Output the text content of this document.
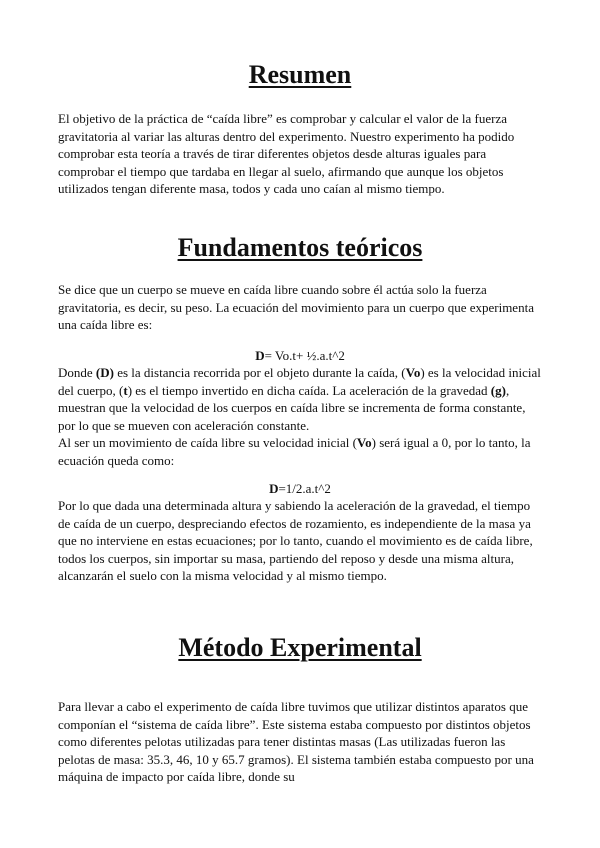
Resumen

El objetivo de la práctica de “caída libre” es comprobar y calcular el valor de la fuerza gravitatoria al variar las alturas dentro del experimento. Nuestro experimento ha podido comprobar esta teoría a través de tirar diferentes objetos desde alturas iguales para comprobar el tiempo que tardaba en llegar al suelo, afirmando que aunque los objetos utilizados tengan diferente masa, todos y cada uno caían al mismo tiempo.

Fundamentos teóricos

Se dice que un cuerpo se mueve en caída libre cuando sobre él actúa solo la fuerza gravitatoria, es decir, su peso. La ecuación del movimiento para un cuerpo que experimenta una caída libre es:

D= Vo.t+ ½.a.t^2

Donde (D) es la distancia recorrida por el objeto durante la caída, (Vo) es la velocidad inicial del cuerpo, (t) es el tiempo invertido en dicha caída. La aceleración de la gravedad (g), muestran que la velocidad de los cuerpos en caída libre se incrementa de forma constante, por lo que se mueven con aceleración constante.
Al ser un movimiento de caída libre su velocidad inicial (Vo) será igual a 0, por lo tanto, la ecuación queda como:

D=1/2.a.t^2

Por lo que dada una determinada altura y sabiendo la aceleración de la gravedad, el tiempo de caída de un cuerpo, despreciando efectos de rozamiento, es independiente de la masa ya que no interviene en estas ecuaciones; por lo tanto, cuando el movimiento es de caída libre, todos los cuerpos, sin importar su masa, partiendo del reposo y desde una misma altura, alcanzarán el suelo con la misma velocidad y al mismo tiempo.

Método Experimental

Para llevar a cabo el experimento de caída libre tuvimos que utilizar distintos aparatos que componían el “sistema de caída libre”. Este sistema estaba compuesto por distintos objetos como diferentes pelotas utilizadas para tener distintas masas (Las utilizadas fueron las pelotas de masa: 35.3, 46, 10 y 65.7 gramos). El sistema también estaba compuesto por una máquina de impacto por caída libre, donde su
